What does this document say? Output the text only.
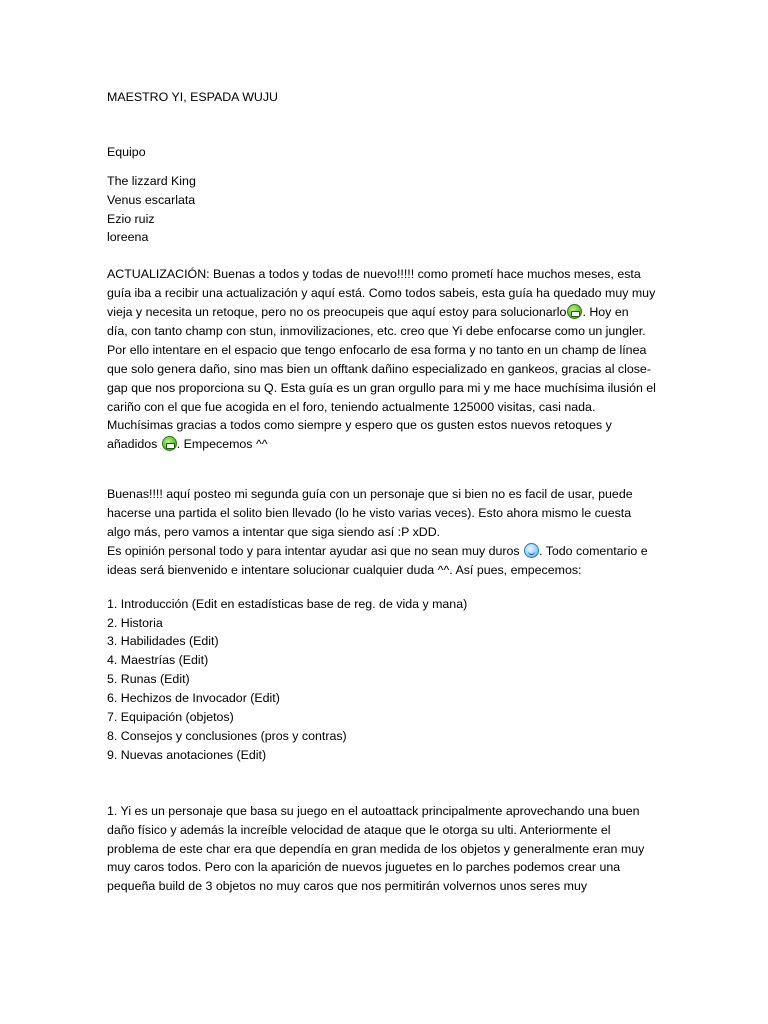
MAESTRO YI, ESPADA WUJU
Equipo
The lizzard King
Venus escarlata
Ezio ruiz
loreena
ACTUALIZACIÓN: Buenas a todos y todas de nuevo!!!!! como prometí hace muchos meses, esta
guía iba a recibir una actualización y aquí está. Como todos sabeis, esta guía ha quedado muy muy
vieja y necesita un retoque, pero no os preocupeis que aquí estoy para solucionarlo . Hoy en
día, con tanto champ con stun, inmovilizaciones, etc. creo que Yi debe enfocarse como un jungler.
Por ello intentare en el espacio que tengo enfocarlo de esa forma y no tanto en un champ de línea
que solo genera daño, sino mas bien un offtank dañino especializado en gankeos, gracias al close-
gap que nos proporciona su Q. Esta guía es un gran orgullo para mi y me hace muchísima ilusión el
cariño con el que fue acogida en el foro, teniendo actualmente 125000 visitas, casi nada.
Muchísimas gracias a todos como siempre y espero que os gusten estos nuevos retoques y
añadidos . Empecemos ^^
Buenas!!!! aquí posteo mi segunda guía con un personaje que si bien no es facil de usar, puede
hacerse una partida el solito bien llevado (lo he visto varias veces). Esto ahora mismo le cuesta
algo más, pero vamos a intentar que siga siendo así :P xDD.
Es opinión personal todo y para intentar ayudar asi que no sean muy duros . Todo comentario e
ideas será bienvenido e intentare solucionar cualquier duda ^^. Así pues, empecemos:
1. Introducción (Edit en estadísticas base de reg. de vida y mana)
2. Historia
3. Habilidades (Edit)
4. Maestrías (Edit)
5. Runas (Edit)
6. Hechizos de Invocador (Edit)
7. Equipación (objetos)
8. Consejos y conclusiones (pros y contras)
9. Nuevas anotaciones (Edit)
1. Yi es un personaje que basa su juego en el autoattack principalmente aprovechando una buen
daño físico y además la increíble velocidad de ataque que le otorga su ulti. Anteriormente el
problema de este char era que dependía en gran medida de los objetos y generalmente eran muy
muy caros todos. Pero con la aparición de nuevos juguetes en lo parches podemos crear una
pequeña build de 3 objetos no muy caros que nos permitirán volvernos unos seres muy
